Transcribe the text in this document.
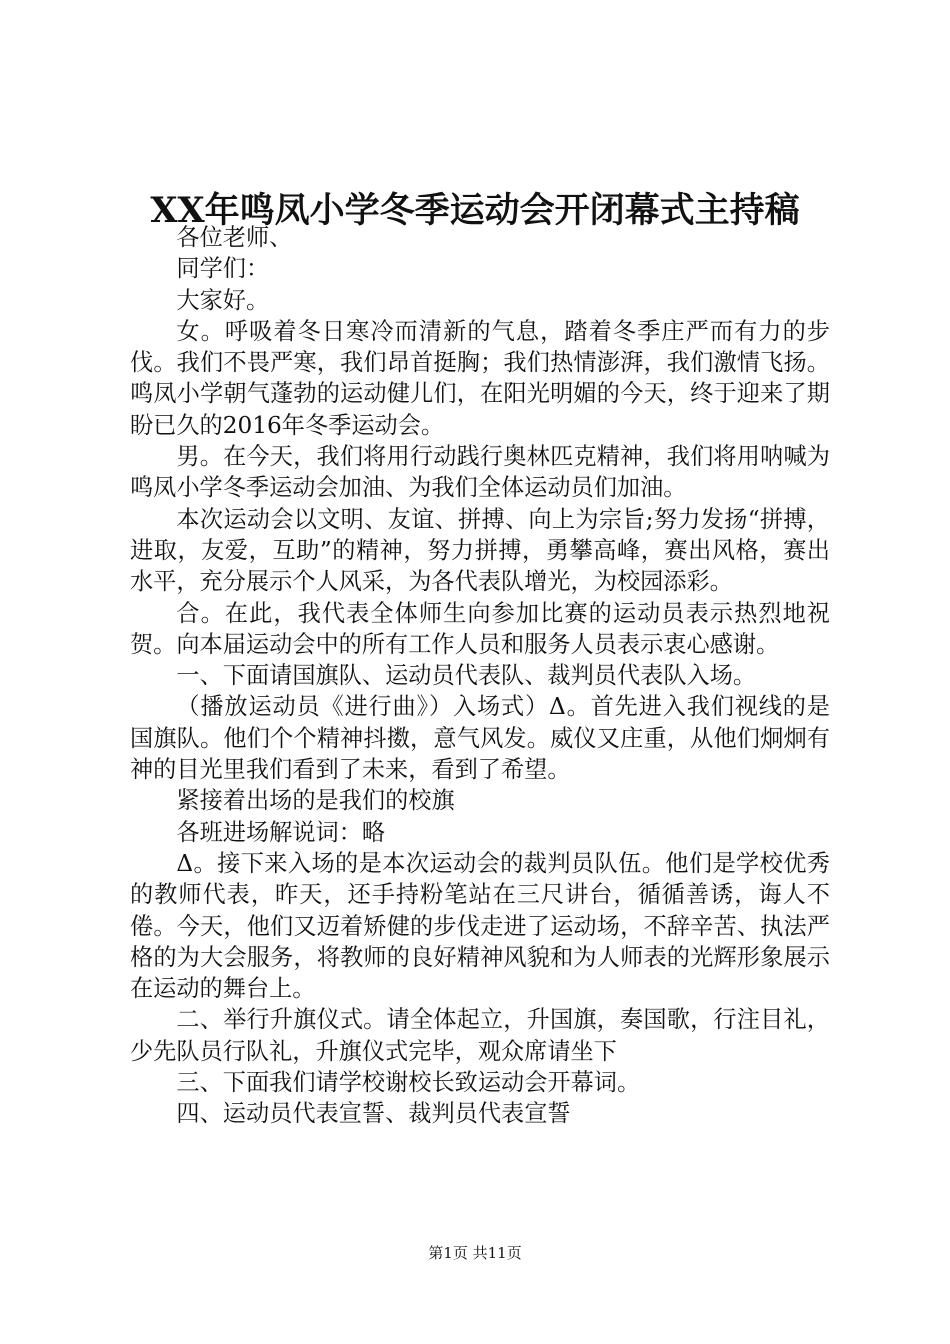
XX年鸣凤小学冬季运动会开闭幕式主持稿

各位老师、

同学们：

大家好。

女。呼吸着冬日寒冷而清新的气息，踏着冬季庄严而有力的步伐。我们不畏严寒，我们昂首挺胸；我们热情澎湃，我们激情飞扬。鸣凤小学朝气蓬勃的运动健儿们，在阳光明媚的今天，终于迎来了期盼已久的2016年冬季运动会。

男。在今天，我们将用行动践行奥林匹克精神，我们将用呐喊为鸣凤小学冬季运动会加油、为我们全体运动员们加油。

本次运动会以文明、友谊、拼搏、向上为宗旨;努力发扬“拼搏，进取，友爱，互助”的精神，努力拼搏，勇攀高峰，赛出风格，赛出水平，充分展示个人风采，为各代表队增光，为校园添彩。

合。在此，我代表全体师生向参加比赛的运动员表示热烈地祝贺。向本届运动会中的所有工作人员和服务人员表示衷心感谢。

一、下面请国旗队、运动员代表队、裁判员代表队入场。

（播放运动员《进行曲》）入场式）Δ。首先进入我们视线的是国旗队。他们个个精神抖擞，意气风发。威仪又庄重，从他们炯炯有神的目光里我们看到了未来，看到了希望。

紧接着出场的是我们的校旗

各班进场解说词：略

Δ。接下来入场的是本次运动会的裁判员队伍。他们是学校优秀的教师代表，昨天，还手持粉笔站在三尺讲台，循循善诱，诲人不倦。今天，他们又迈着矫健的步伐走进了运动场，不辞辛苦、执法严格的为大会服务，将教师的良好精神风貌和为人师表的光辉形象展示在运动的舞台上。

二、举行升旗仪式。请全体起立，升国旗，奏国歌，行注目礼，少先队员行队礼，升旗仪式完毕，观众席请坐下

三、下面我们请学校谢校长致运动会开幕词。

四、运动员代表宣誓、裁判员代表宣誓

第1页 共11页
